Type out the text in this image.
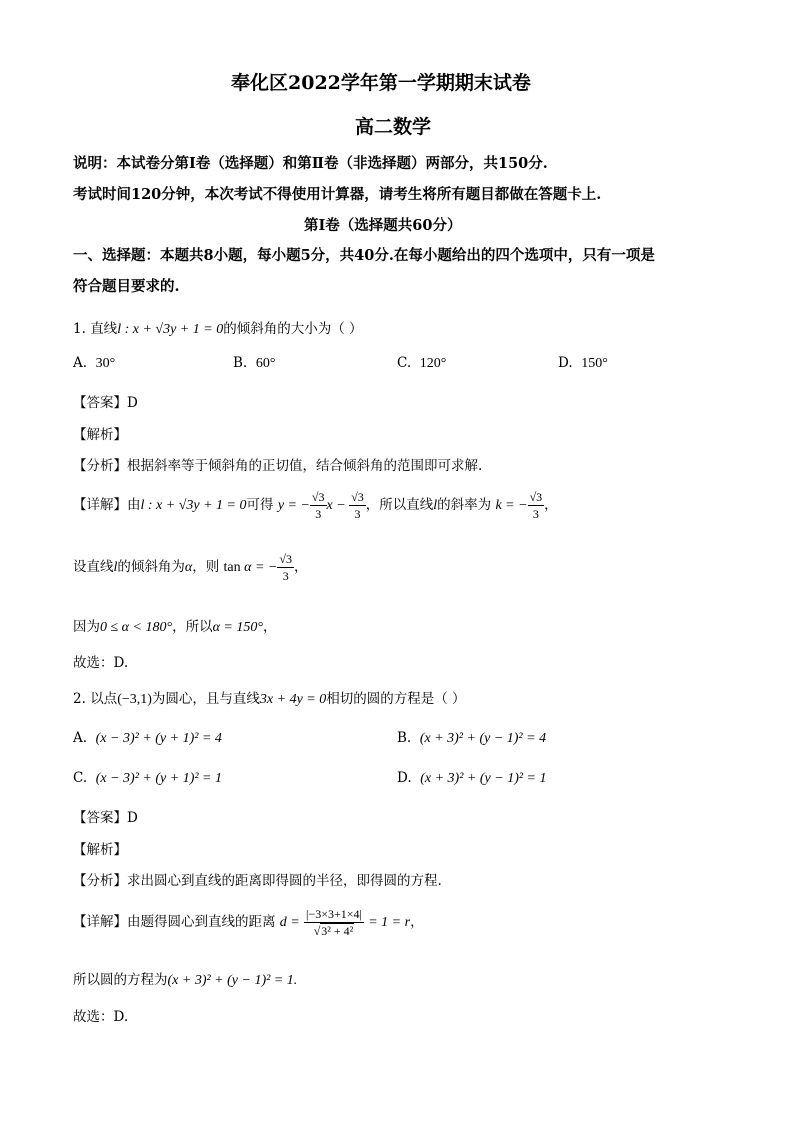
奉化区2022学年第一学期期末试卷
高二数学
说明：本试卷分第Ⅰ卷（选择题）和第Ⅱ卷（非选择题）两部分，共150分.
考试时间120分钟，本次考试不得使用计算器，请考生将所有题目都做在答题卡上.
第Ⅰ卷（选择题共60分）
一、选择题：本题共8小题，每小题5分，共40分.在每小题给出的四个选项中，只有一项是
符合题目要求的.
1. 直线l : x + √3y + 1 = 0的倾斜角的大小为（ ）
A. 30°	B. 60°	C. 120°	D. 150°
【答案】D
【解析】
【分析】根据斜率等于倾斜角的正切值，结合倾斜角的范围即可求解.
【详解】由l : x + √3y + 1 = 0可得 y = − $\frac{√3}{3}$ $x - \frac{√3}{3}$ ，所以直线l的斜率为 k = − $\frac{√3}{3}$ ，
设直线l的倾斜角为α，则 tan α = − $\frac{√3}{3}$ ，
因为0 ≤ α < 180°，所以α = 150°，
故选：D.
2. 以点(−3,1)为圆心，且与直线3x + 4y = 0相切的圆的方程是（ ）
A. (x − 3)² + (y + 1)² = 4	B. (x + 3)² + (y − 1)² = 4
C. (x − 3)² + (y + 1)² = 1	D. (x + 3)² + (y − 1)² = 1
【答案】D
【解析】
【分析】求出圆心到直线的距离即得圆的半径，即得圆的方程.
【详解】由题得圆心到直线的距离 $d = \frac{|-3\times 3+1\times 4|}{\text{√3² + 4²}} = 1 = r$，
所以圆的方程为(x + 3)² + (y − 1)² = 1.
故选：D.
